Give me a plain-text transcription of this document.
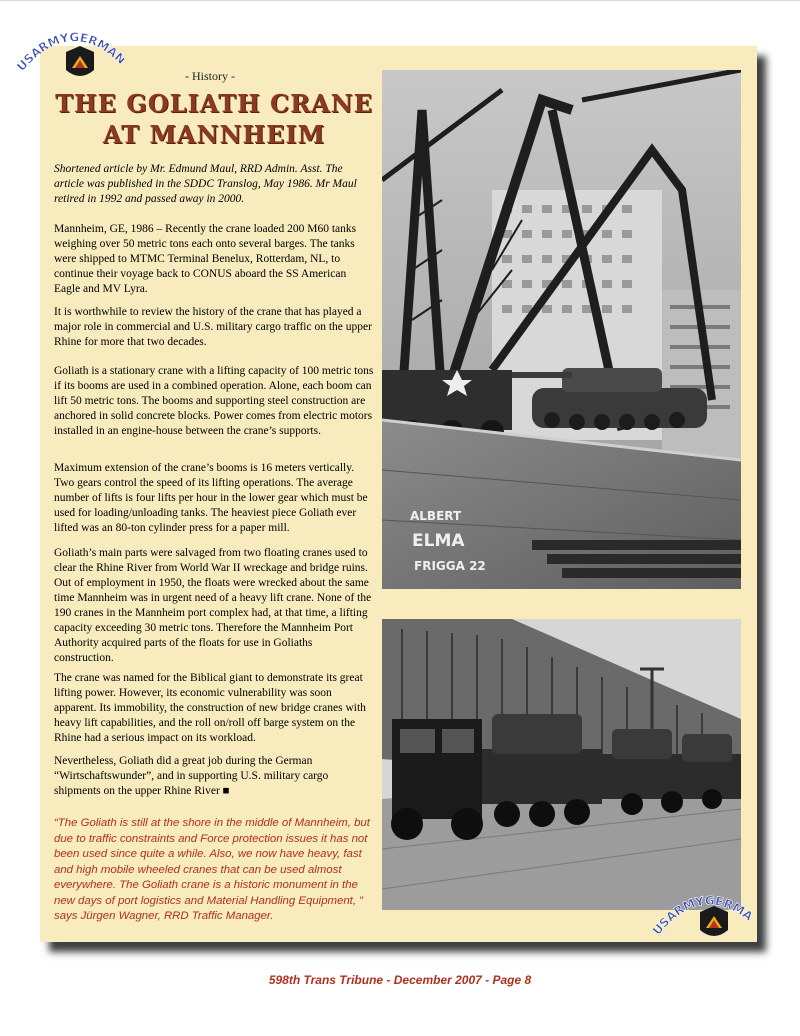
USARMYGERMA
- History -
THE GOLIATH CRANE
AT MANNHEIM

Shortened article by Mr. Edmund Maul, RRD Admin. Asst. The article was published in the SDDC Translog, May 1986. Mr Maul retired in 1992 and passed away in 2000.

Mannheim, GE, 1986 – Recently the crane loaded 200 M60 tanks weighing over 50 metric tons each onto several barges. The tanks were shipped to MTMC Terminal Benelux, Rotterdam, NL, to continue their voyage back to CONUS aboard the SS American Eagle and MV Lyra.

It is worthwhile to review the history of the crane that has played a major role in commercial and U.S. military cargo traffic on the upper Rhine for more that two decades.

Goliath is a stationary crane with a lifting capacity of 100 metric tons if its booms are used in a combined operation. Alone, each boom can lift 50 metric tons. The booms and supporting steel construction are anchored in solid concrete blocks. Power comes from electric motors installed in an engine-house between the crane’s supports.

Maximum extension of the crane’s booms is 16 meters vertically. Two gears control the speed of its lifting operations. The average number of lifts is four lifts per hour in the lower gear which must be used for loading/unloading tanks. The heaviest piece Goliath ever lifted was an 80-ton cylinder press for a paper mill.

Goliath’s main parts were salvaged from two floating cranes used to clear the Rhine River from World War II wreckage and bridge ruins. Out of employment in 1950, the floats were wrecked about the same time Mannheim was in urgent need of a heavy lift crane. None of the 190 cranes in the Mannheim port complex had, at that time, a lifting capacity exceeding 30 metric tons. Therefore the Mannheim Port Authority acquired parts of the floats for use in Goliaths construction.

The crane was named for the Biblical giant to demonstrate its great lifting power. However, its economic vulnerability was soon apparent. Its immobility, the construction of new bridge cranes with heavy lift capabilities, and the roll on/roll off barge system on the Rhine had a serious impact on its workload.

Nevertheless, Goliath did a great job during the German “Wirtschaftswunder”, and in supporting U.S. military cargo shipments on the upper Rhine River ■

“The Goliath is still at the shore in the middle of Mannheim, but due to traffic constraints and Force protection issues it has not been used since quite a while. Also, we now have heavy, fast and high mobile wheeled cranes that can be used almost everywhere. The Goliath crane is a historic monument in the new days of port logistics and Material Handling Equipment, ” says Jürgen Wagner, RRD Traffic Manager.

ALBERT
ELMA
FRIGGA 22
SARMYGERMA
598th Trans Tribune - December 2007 - Page 8
